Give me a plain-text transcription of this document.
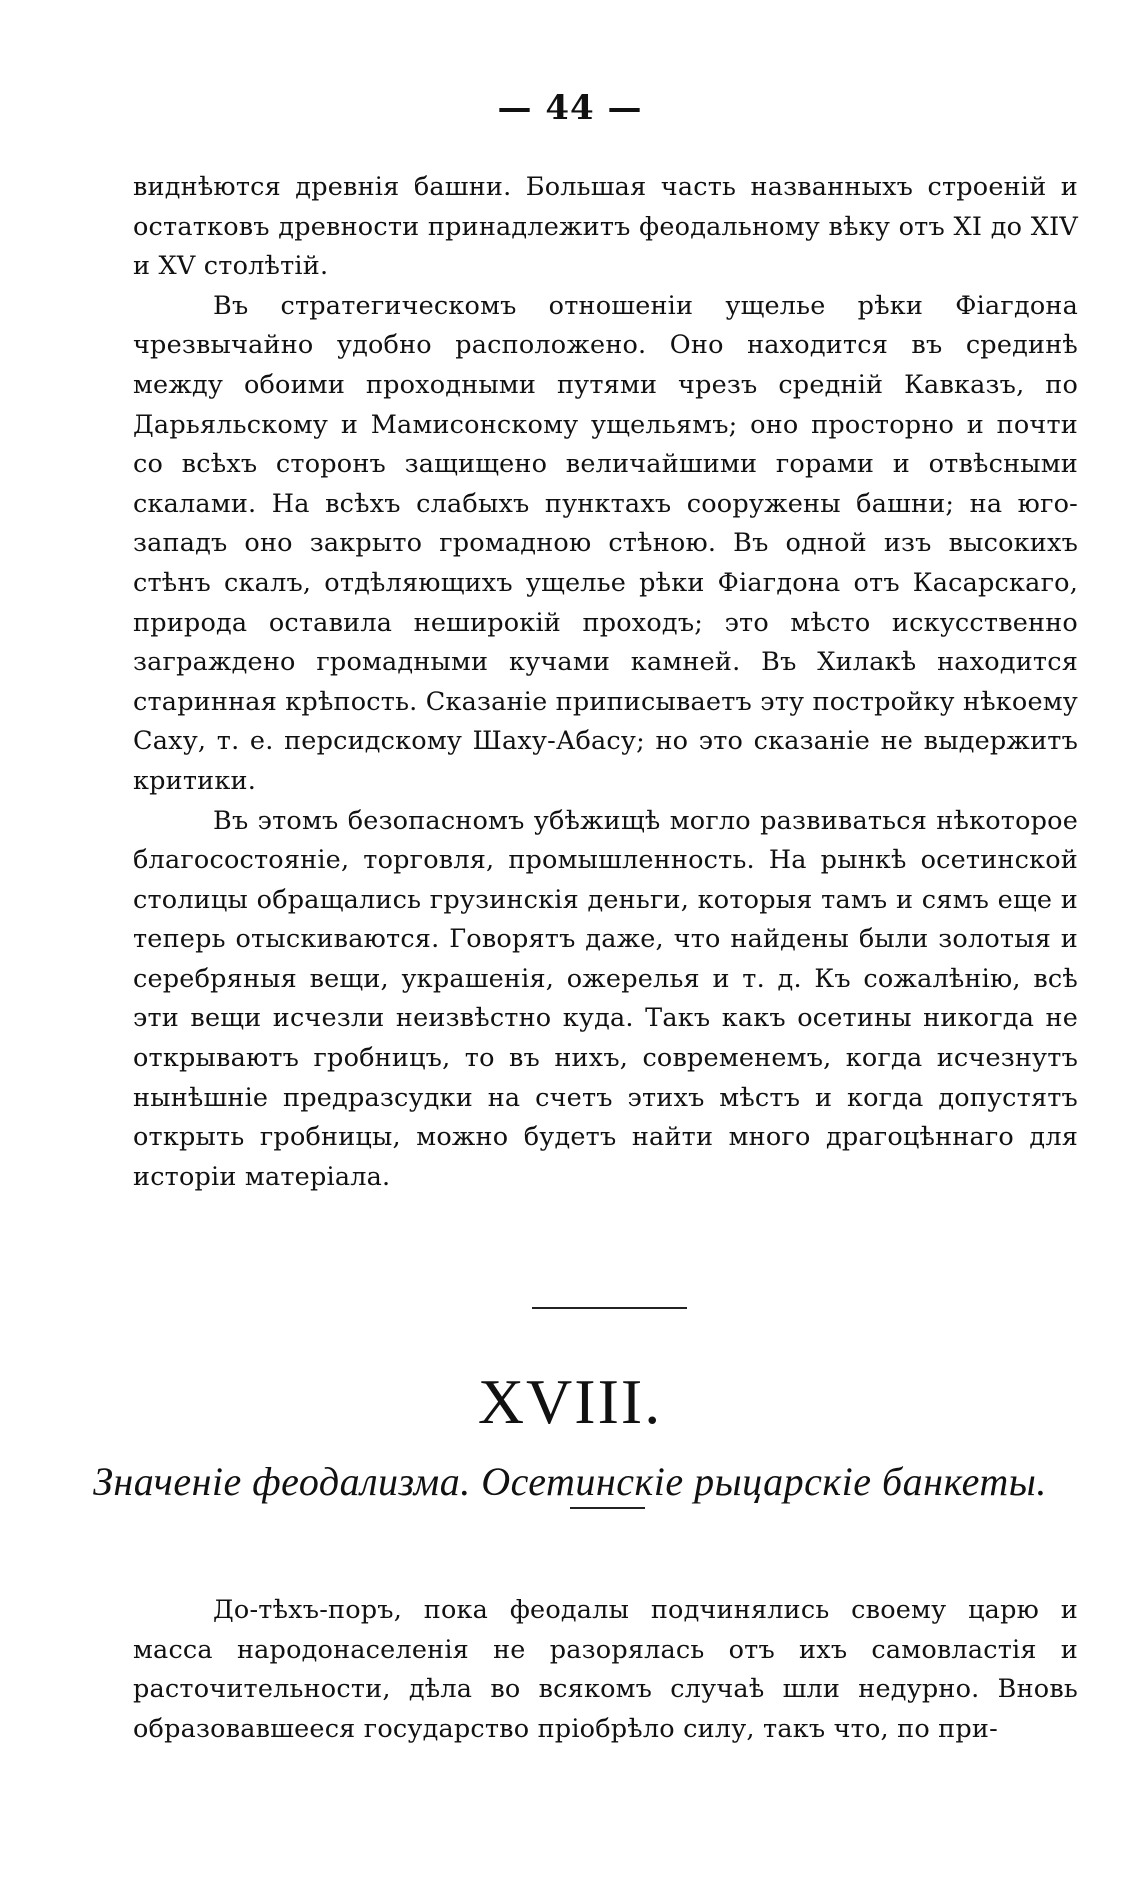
— 44 —

виднѣются древнія башни. Большая часть названныхъ строеній и остатковъ древности принадлежитъ феодальному вѣку отъ XI до XIV и XV столѣтій.

Въ стратегическомъ отношеніи ущелье рѣки Фіагдона чрезвычайно удобно расположено. Оно находится въ срединѣ между обоими проходными путями чрезъ средній Кавказъ, по Дарьяльскому и Мамисонскому ущельямъ; оно просторно и почти со всѣхъ сторонъ защищено величайшими горами и отвѣсными скалами. На всѣхъ слабыхъ пунктахъ сооружены башни; на юго-западъ оно закрыто громадною стѣною. Въ одной изъ высокихъ стѣнъ скалъ, отдѣляющихъ ущелье рѣки Фіагдона отъ Касарскаго, природа оставила неширокій проходъ; это мѣсто искусственно заграждено громадными кучами камней. Въ Хилакѣ находится старинная крѣпость. Сказаніе приписываетъ эту постройку нѣкоему Саху, т. е. персидскому Шаху-Абасу; но это сказаніе не выдержитъ критики.

Въ этомъ безопасномъ убѣжищѣ могло развиваться нѣкоторое благосостояніе, торговля, промышленность. На рынкѣ осетинской столицы обращались грузинскія деньги, которыя тамъ и сямъ еще и теперь отыскиваются. Говорятъ даже, что найдены были золотыя и серебряныя вещи, украшенія, ожерелья и т. д. Къ сожалѣнію, всѣ эти вещи исчезли неизвѣстно куда. Такъ какъ осетины никогда не открываютъ гробницъ, то въ нихъ, современемъ, когда исчезнутъ нынѣшніе предразсудки на счетъ этихъ мѣстъ и когда допустятъ открыть гробницы, можно будетъ найти много драгоцѣннаго для исторіи матеріала.

XVIII.
Значеніе феодализма. Осетинскіе рыцарскіе банкеты.

До-тѣхъ-поръ, пока феодалы подчинялись своему царю и масса народонаселенія не разорялась отъ ихъ самовластія и расточительности, дѣла во всякомъ случаѣ шли недурно. Вновь образовавшееся государство пріобрѣло силу, такъ что, по при-
